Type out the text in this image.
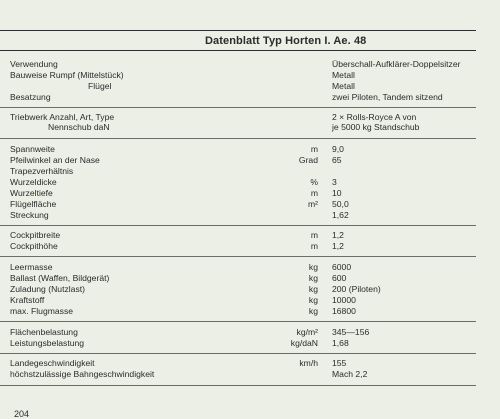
Datenblatt Typ Horten I. Ae. 48
Verwendung	Überschall-Aufklärer-Doppelsitzer
Bauweise Rumpf (Mittelstück)	Metall
Flügel	Metall
Besatzung	zwei Piloten, Tandem sitzend
Triebwerk Anzahl, Art, Type	2 × Rolls-Royce A von
Nennschub daN	je 5000 kg Standschub
Spannweite	m 9,0
Pfeilwinkel an der Nase	Grad 65
Trapezverhältnis
Wurzeldicke	% 3
Wurzeltiefe	m 10
Flügelfläche	m² 50,0
Streckung	1,62
Cockpitbreite	m 1,2
Cockpithöhe	m 1,2
Leermasse	kg 6000
Ballast (Waffen, Bildgerät)	kg 600
Zuladung (Nutzlast)	kg 200 (Piloten)
Kraftstoff	kg 10000
max. Flugmasse	kg 16800
Flächenbelastung	kg/m² 345—156
Leistungsbelastung	kg/daN 1,68
Landegeschwindigkeit	km/h 155
höchstzulässige Bahngeschwindigkeit	Mach 2,2
204
